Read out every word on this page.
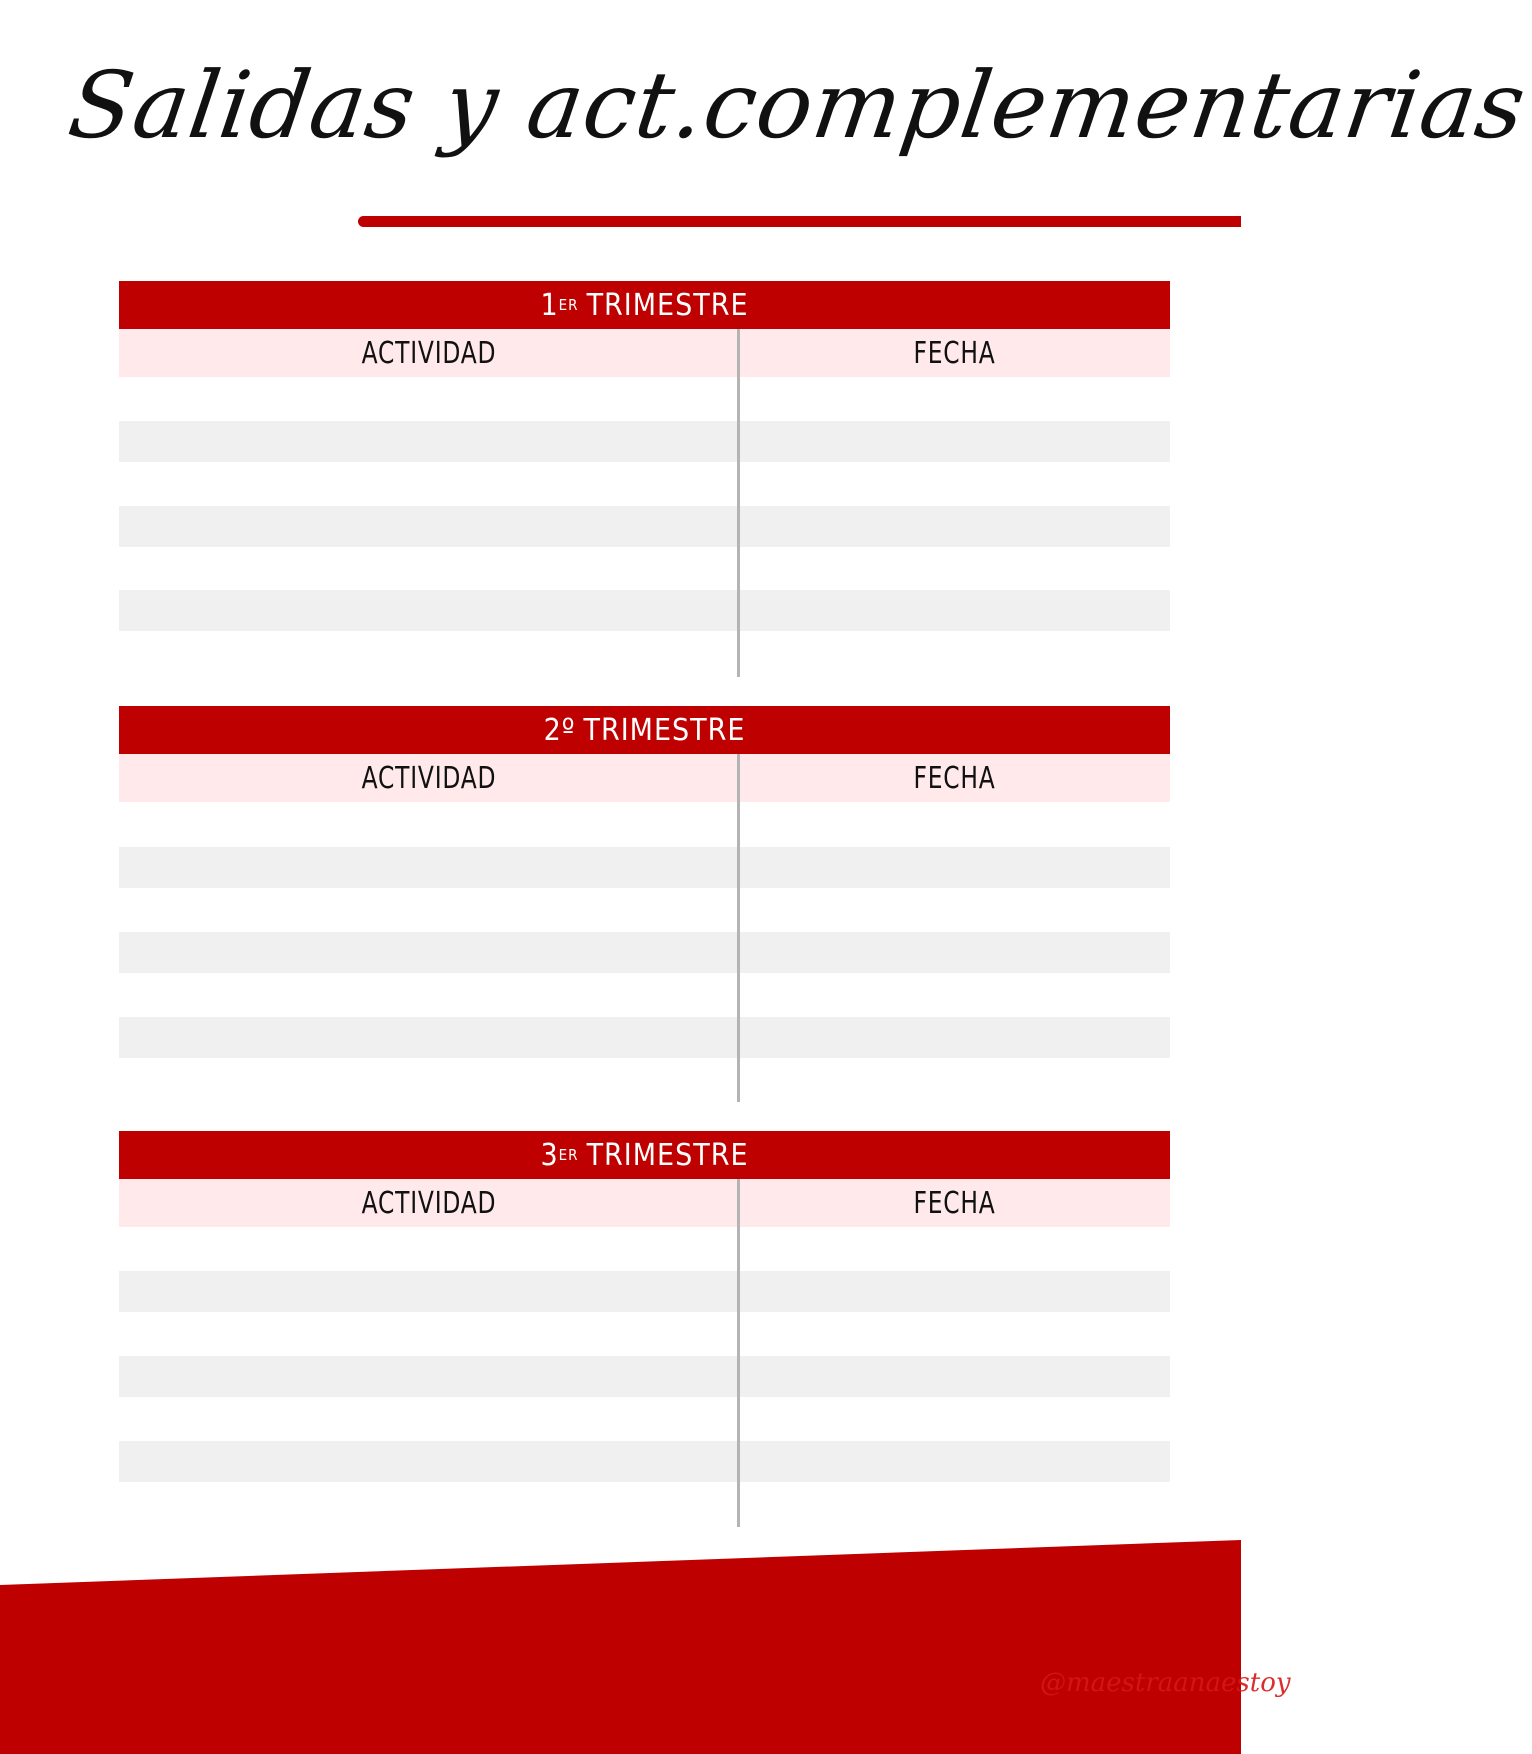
Salidas y act.complementarias
1 ER TRIMESTRE
ACTIVIDAD	FECHA
2º TRIMESTRE
ACTIVIDAD	FECHA
3 ER TRIMESTRE
ACTIVIDAD	FECHA
@maestraanaestoy
